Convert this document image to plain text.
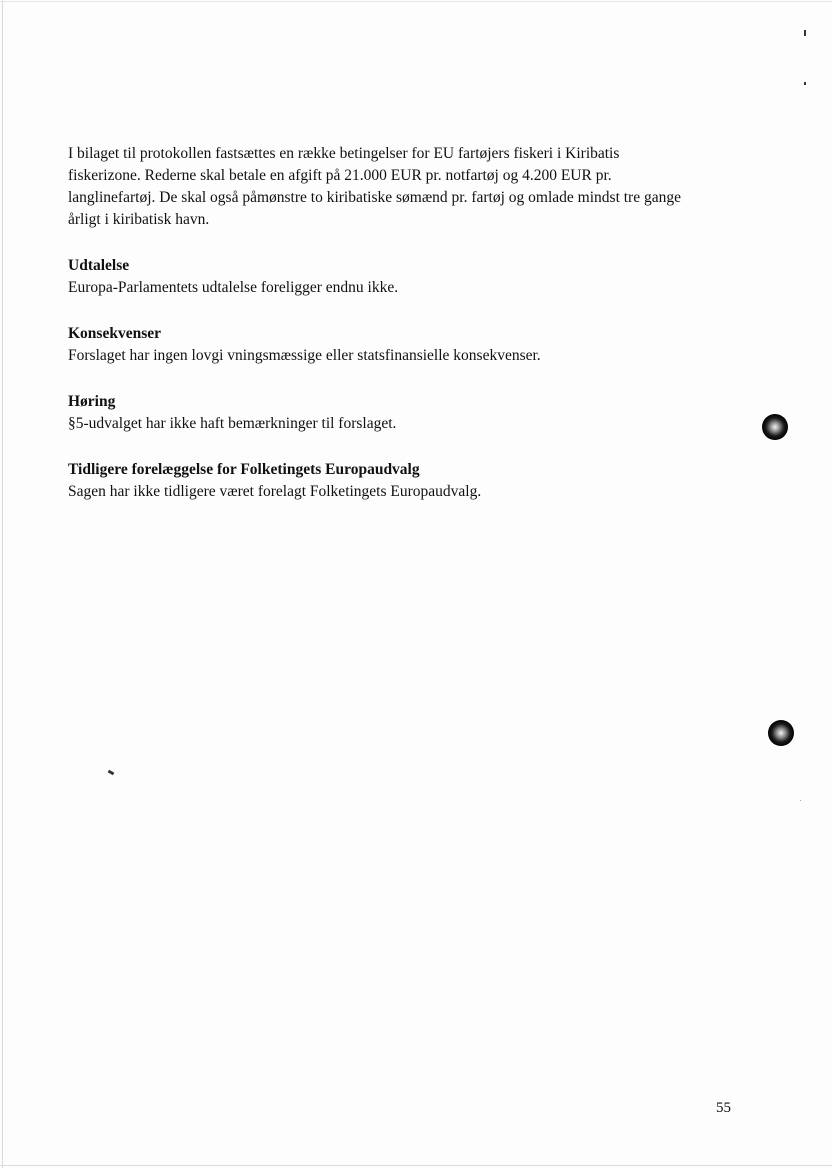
I bilaget til protokollen fastsættes en række betingelser for EU fartøjers fiskeri i Kiribatis

fiskerizone. Rederne skal betale en afgift på 21.000 EUR pr. notfartøj og 4.200 EUR pr.

langlinefartøj. De skal også påmønstre to kiribatiske sømænd pr. fartøj og omlade mindst tre gange

årligt i kiribatisk havn.

Udtalelse

Europa-Parlamentets udtalelse foreligger endnu ikke.

Konsekvenser

Forslaget har ingen lovgi vningsmæssige eller statsfinansielle konsekvenser.

Høring

§5-udvalget har ikke haft bemærkninger til forslaget.

Tidligere forelæggelse for Folketingets Europaudvalg

Sagen har ikke tidligere været forelagt Folketingets Europaudvalg.

55
